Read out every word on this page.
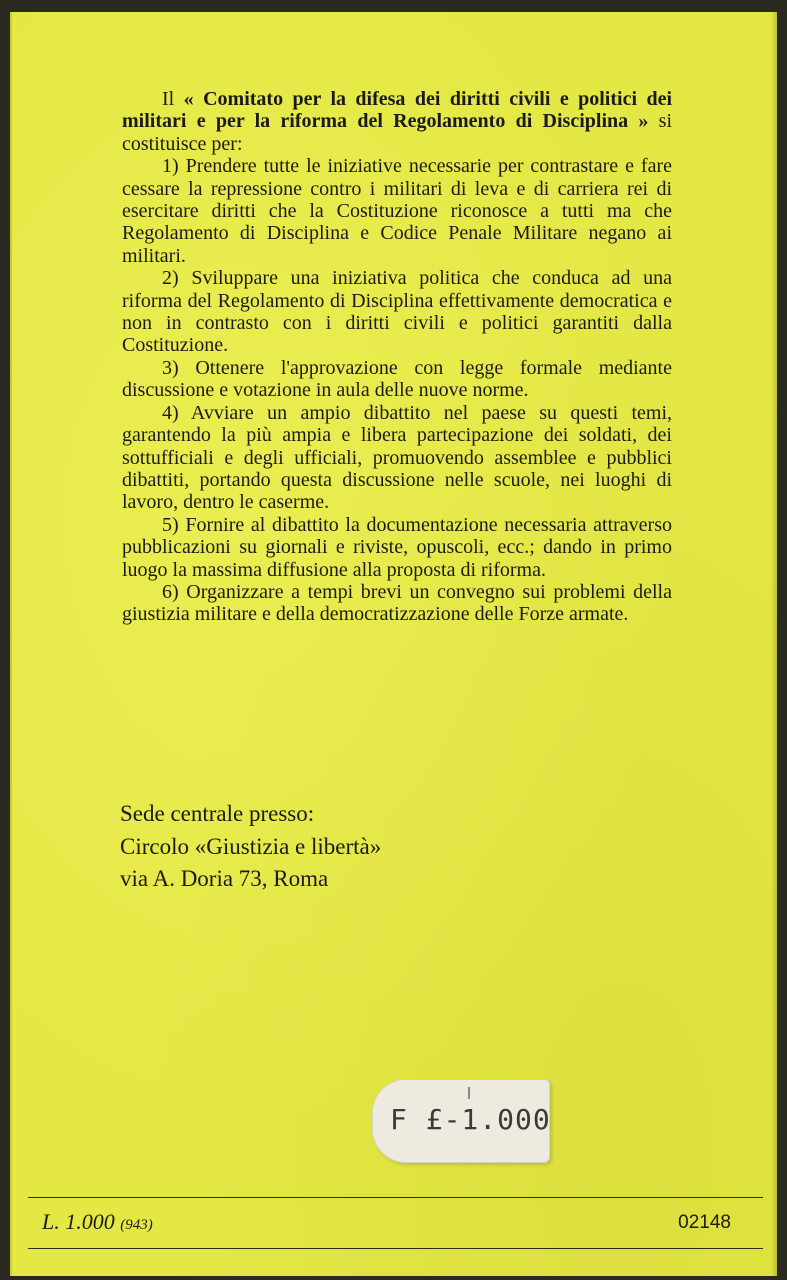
Il « Comitato per la difesa dei diritti civili e politici dei militari e per la riforma del Regolamento di Disciplina » si costituisce per:

1) Prendere tutte le iniziative necessarie per contrastare e fare cessare la repressione contro i militari di leva e di carriera rei di esercitare diritti che la Costituzione riconosce a tutti ma che Regolamento di Disciplina e Codice Penale Militare negano ai militari.

2) Sviluppare una iniziativa politica che conduca ad una riforma del Regolamento di Disciplina effettivamente democratica e non in contrasto con i diritti civili e politici garantiti dalla Costituzione.

3) Ottenere l'approvazione con legge formale mediante discussione e votazione in aula delle nuove norme.

4) Avviare un ampio dibattito nel paese su questi temi, garantendo la più ampia e libera partecipazione dei soldati, dei sottufficiali e degli ufficiali, promuovendo assemblee e pubblici dibattiti, portando questa discussione nelle scuole, nei luoghi di lavoro, dentro le caserme.

5) Fornire al dibattito la documentazione necessaria attraverso pubblicazioni su giornali e riviste, opuscoli, ecc.; dando in primo luogo la massima diffusione alla proposta di riforma.

6) Organizzare a tempi brevi un convegno sui problemi della giustizia militare e della democratizzazione delle Forze armate.

Sede centrale presso:
Circolo «Giustizia e libertà»
via A. Doria 73, Roma
F £-1.000
L. 1.000 (943)	02148
